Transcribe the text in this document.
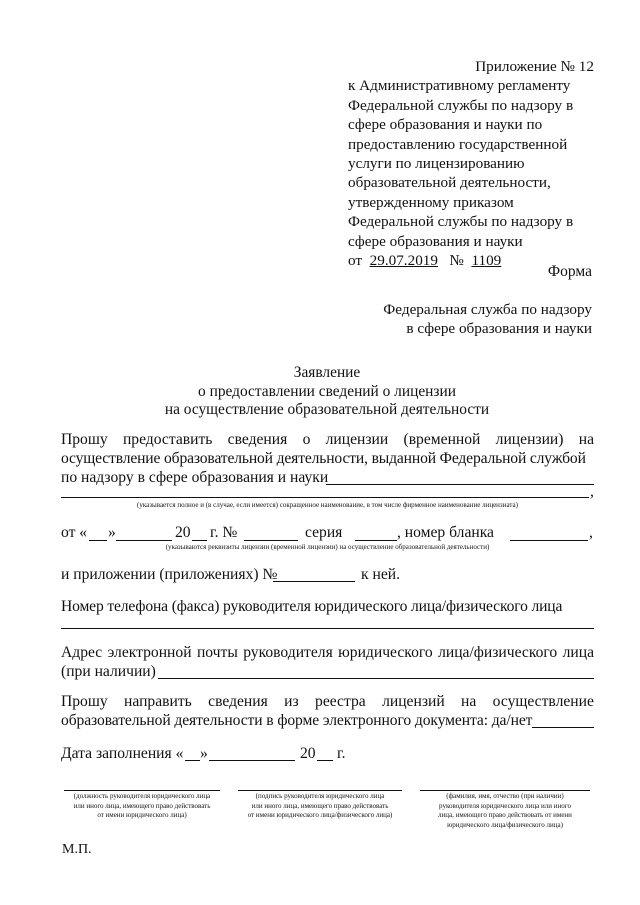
Приложение № 12
к Административному регламенту
Федеральной службы по надзору в
сфере образования и науки по
предоставлению государственной
услуги по лицензированию
образовательной деятельности,
утвержденному приказом
Федеральной службы по надзору в
сфере образования и науки
от 29.07.2019 № 1109
Форма
Федеральная служба по надзору
в сфере образования и науки
Заявление
о предоставлении сведений о лицензии
на осуществление образовательной деятельности
Прошу предоставить сведения о лицензии (временной лицензии) на
осуществление образовательной деятельности, выданной Федеральной службой
по надзору в сфере образования и науки
,
(указывается полное и (в случае, если имеется) сокращенное наименование, в том числе фирменное наименование лицензиата)
от « »	20 г. №	серия	, номер бланка	,
(указываются реквизиты лицензии (временной лицензии) на осуществление образовательной деятельности)
и приложении (приложениях) №	к ней.
Номер телефона (факса) руководителя юридического лица/физического лица
Адрес электронной почты руководителя юридического лица/физического лица
(при наличии)
Прошу направить сведения из реестра лицензий на осуществление
образовательной деятельности в форме электронного документа: да/нет
Дата заполнения « »	20 г.
(должность руководителя юридического лица
или иного лица, имеющего право действовать
от имени юридического лица)
(подпись руководителя юридического лица
или иного лица, имеющего право действовать
от имени юридического лица/физического лица)
(фамилия, имя, отчество (при наличии)
руководителя юридического лица или иного
лица, имеющего право действовать от имени
юридического лица/физического лица)
М.П.
